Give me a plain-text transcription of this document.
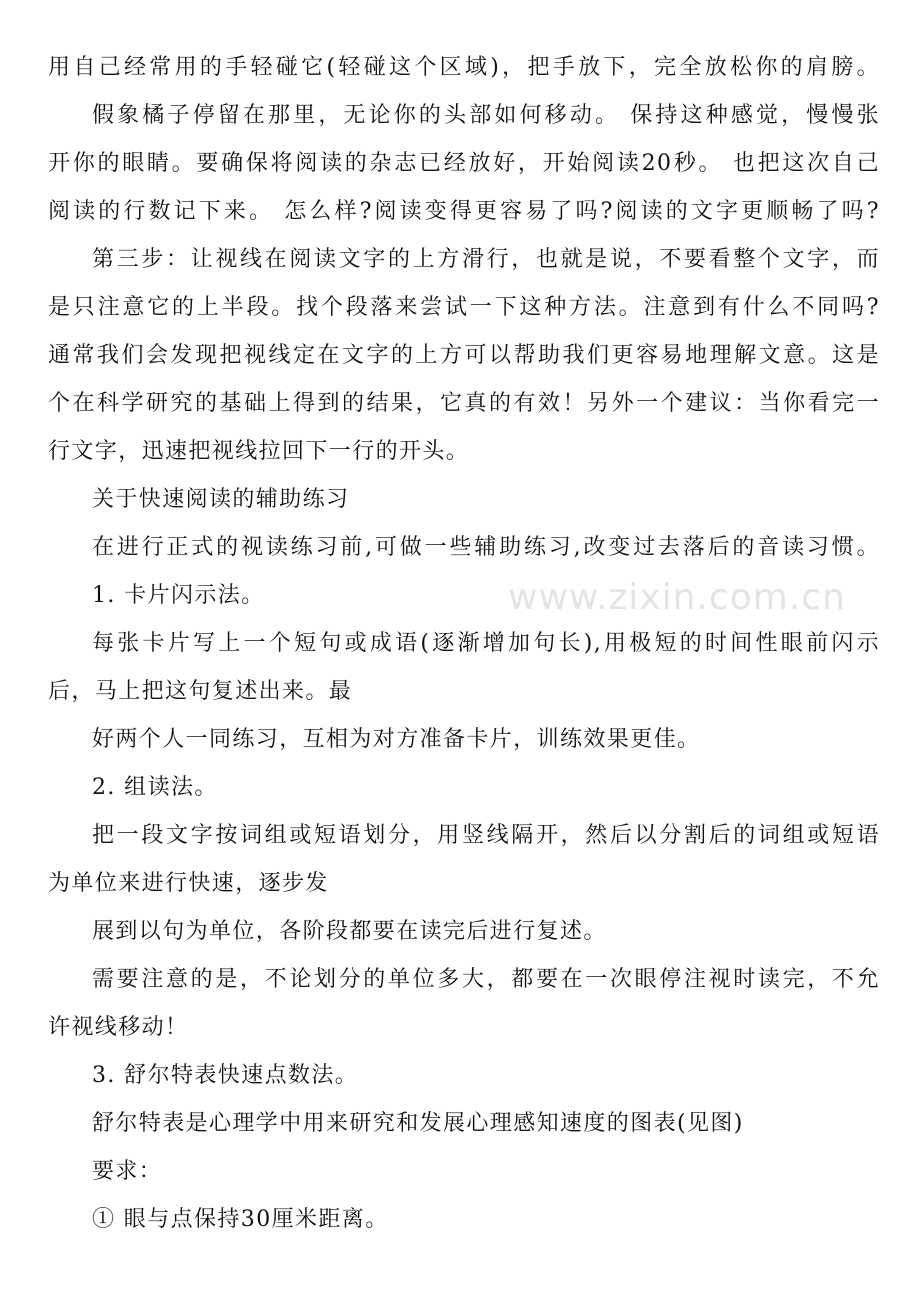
用自己经常用的手轻碰它(轻碰这个区域)，把手放下，完全放松你的肩膀。
假象橘子停留在那里，无论你的头部如何移动。 保持这种感觉，慢慢张
开你的眼睛。要确保将阅读的杂志已经放好，开始阅读20秒。 也把这次自己
阅读的行数记下来。 怎么样?阅读变得更容易了吗?阅读的文字更顺畅了吗?
第三步：让视线在阅读文字的上方滑行，也就是说，不要看整个文字，而
是只注意它的上半段。找个段落来尝试一下这种方法。注意到有什么不同吗?
通常我们会发现把视线定在文字的上方可以帮助我们更容易地理解文意。这是
个在科学研究的基础上得到的结果，它真的有效！另外一个建议：当你看完一
行文字，迅速把视线拉回下一行的开头。
关于快速阅读的辅助练习
在进行正式的视读练习前,可做一些辅助练习,改变过去落后的音读习惯。
1. 卡片闪示法。
每张卡片写上一个短句或成语(逐渐增加句长),用极短的时间性眼前闪示
后，马上把这句复述出来。最
好两个人一同练习，互相为对方准备卡片，训练效果更佳。
2. 组读法。
把一段文字按词组或短语划分，用竖线隔开，然后以分割后的词组或短语
为单位来进行快速，逐步发
展到以句为单位，各阶段都要在读完后进行复述。
需要注意的是，不论划分的单位多大，都要在一次眼停注视时读完，不允
许视线移动！
3. 舒尔特表快速点数法。
舒尔特表是心理学中用来研究和发展心理感知速度的图表(见图)
要求：
① 眼与点保持30厘米距离。
www.zixin.com.cn
